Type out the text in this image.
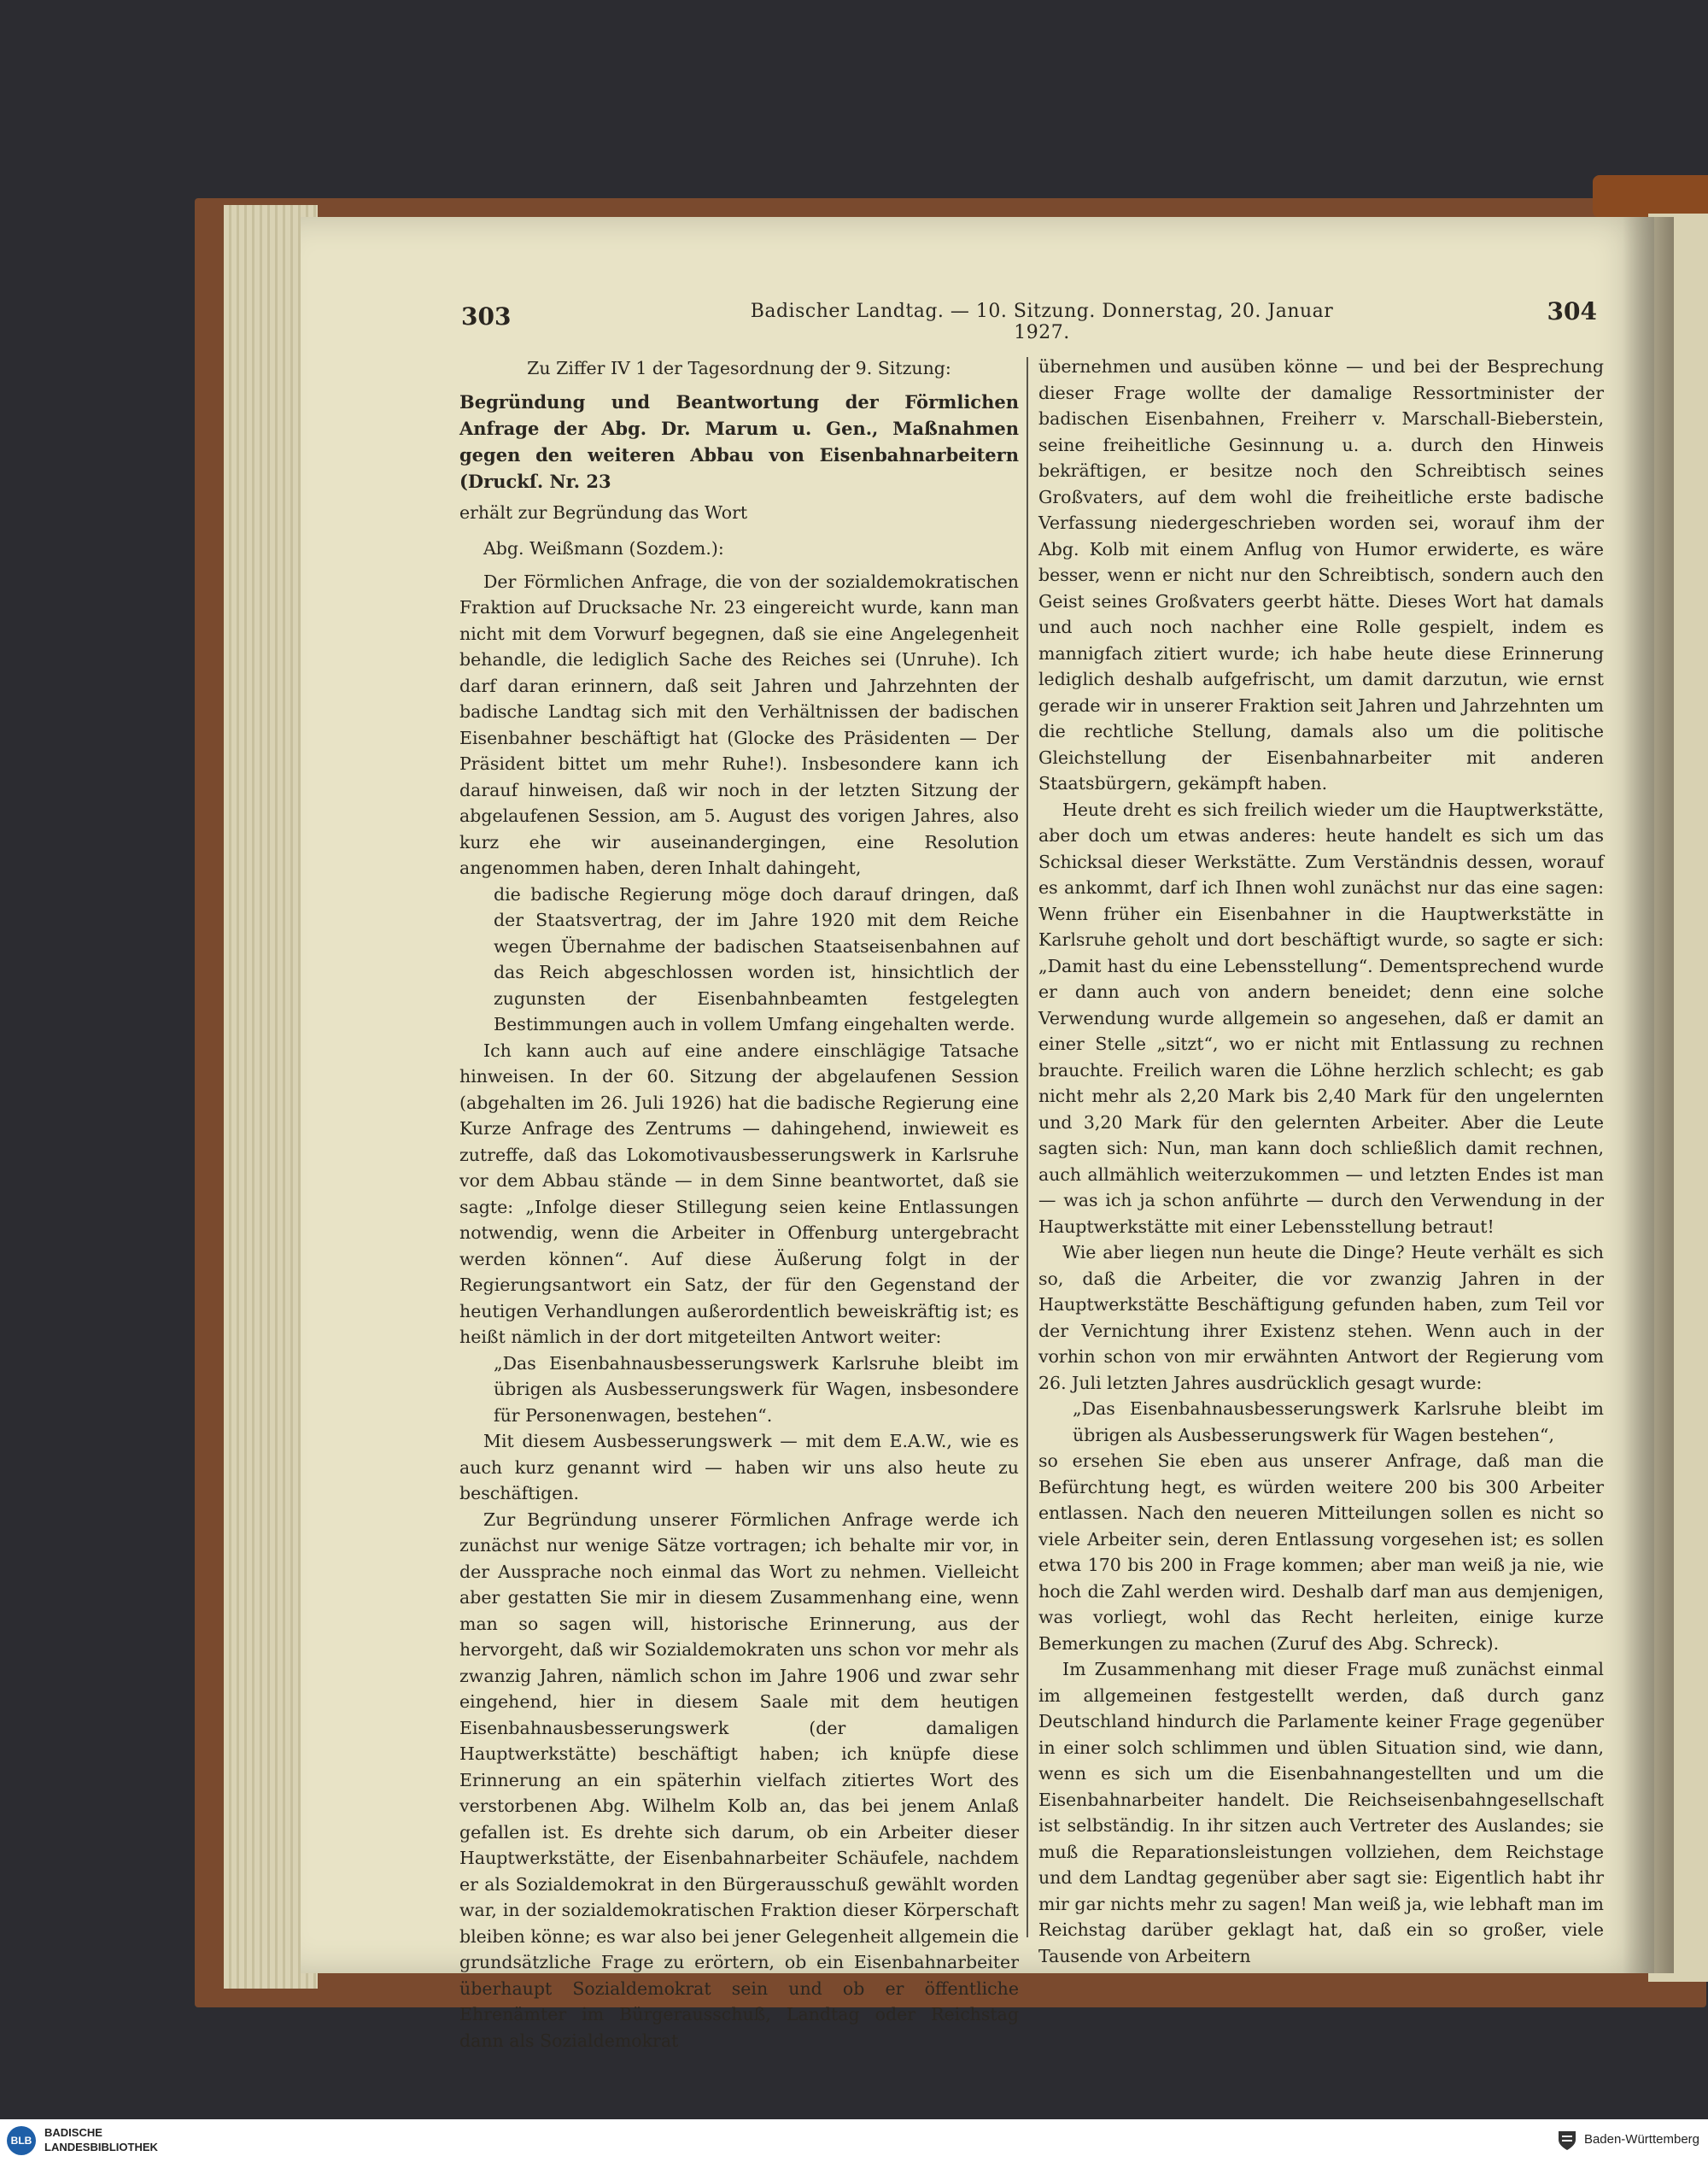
303	Badischer Landtag. — 10. Sitzung. Donnerstag, 20. Januar 1927.
304

Zu Ziffer IV 1 der Tagesordnung der 9. Sitzung:

Begründung und Beantwortung der Förmlichen Anfrage der Abg. Dr. Marum u. Gen., Maßnahmen gegen den weiteren Abbau von Eisenbahnarbeitern (Druckſ. Nr. 23

erhält zur Begründung das Wort

Abg. Weißmann (Sozdem.):

Der Förmlichen Anfrage, die von der sozialdemokratischen Fraktion auf Drucksache Nr. 23 eingereicht wurde, kann man nicht mit dem Vorwurf begegnen, daß sie eine Angelegenheit behandle, die lediglich Sache des Reiches sei (Unruhe). Ich darf daran erinnern, daß seit Jahren und Jahrzehnten der badische Landtag sich mit den Verhältnissen der badischen Eisenbahner beschäftigt hat (Glocke des Präsidenten — Der Präsident bittet um mehr Ruhe!). Insbesondere kann ich darauf hinweisen, daß wir noch in der letzten Sitzung der abgelaufenen Session, am 5. August des vorigen Jahres, also kurz ehe wir auseinandergingen, eine Resolution angenommen haben, deren Inhalt dahingeht,

die badische Regierung möge doch darauf dringen, daß der Staatsvertrag, der im Jahre 1920 mit dem Reiche wegen Übernahme der badischen Staatseisenbahnen auf das Reich abgeschlossen worden ist, hinsichtlich der zugunsten der Eisenbahnbeamten festgelegten Bestimmungen auch in vollem Umfang eingehalten werde.

Ich kann auch auf eine andere einschlägige Tatsache hinweisen. In der 60. Sitzung der abgelaufenen Session (abgehalten im 26. Juli 1926) hat die badische Regierung eine Kurze Anfrage des Zentrums — dahingehend, inwieweit es zutreffe, daß das Lokomotivausbesserungswerk in Karlsruhe vor dem Abbau stände — in dem Sinne beantwortet, daß sie sagte: „Infolge dieser Stillegung seien keine Entlassungen notwendig, wenn die Arbeiter in Offenburg untergebracht werden können“. Auf diese Äußerung folgt in der Regierungsantwort ein Satz, der für den Gegenstand der heutigen Verhandlungen außerordentlich beweiskräftig ist; es heißt nämlich in der dort mitgeteilten Antwort weiter:

„Das Eisenbahnausbesserungswerk Karlsruhe bleibt im übrigen als Ausbesserungswerk für Wagen, insbesondere für Personenwagen, bestehen“.

Mit diesem Ausbesserungswerk — mit dem E.A.W., wie es auch kurz genannt wird — haben wir uns also heute zu beschäftigen.

Zur Begründung unserer Förmlichen Anfrage werde ich zunächst nur wenige Sätze vortragen; ich behalte mir vor, in der Aussprache noch einmal das Wort zu nehmen. Vielleicht aber gestatten Sie mir in diesem Zusammenhang eine, wenn man so sagen will, historische Erinnerung, aus der hervorgeht, daß wir Sozialdemokraten uns schon vor mehr als zwanzig Jahren, nämlich schon im Jahre 1906 und zwar sehr eingehend, hier in diesem Saale mit dem heutigen Eisenbahnausbesserungswerk (der damaligen Hauptwerkstätte) beschäftigt haben; ich knüpfe diese Erinnerung an ein späterhin vielfach zitiertes Wort des verstorbenen Abg. Wilhelm Kolb an, das bei jenem Anlaß gefallen ist. Es drehte sich darum, ob ein Arbeiter dieser Hauptwerkstätte, der Eisenbahnarbeiter Schäufele, nachdem er als Sozialdemokrat in den Bürgerausschuß gewählt worden war, in der sozialdemokratischen Fraktion dieser Körperschaft bleiben könne; es war also bei jener Gelegenheit allgemein die grundsätzliche Frage zu erörtern, ob ein Eisenbahnarbeiter überhaupt Sozialdemokrat sein und ob er öffentliche Ehrenämter im Bürgerausschuß, Landtag oder Reichstag dann als Sozialdemokrat

übernehmen und ausüben könne — und bei der Besprechung dieser Frage wollte der damalige Ressortminister der badischen Eisenbahnen, Freiherr v. Marschall-Bieberstein, seine freiheitliche Gesinnung u. a. durch den Hinweis bekräftigen, er besitze noch den Schreibtisch seines Großvaters, auf dem wohl die freiheitliche erste badische Verfassung niedergeschrieben worden sei, worauf ihm der Abg. Kolb mit einem Anflug von Humor erwiderte, es wäre besser, wenn er nicht nur den Schreibtisch, sondern auch den Geist seines Großvaters geerbt hätte. Dieses Wort hat damals und auch noch nachher eine Rolle gespielt, indem es mannigfach zitiert wurde; ich habe heute diese Erinnerung lediglich deshalb aufgefrischt, um damit darzutun, wie ernst gerade wir in unserer Fraktion seit Jahren und Jahrzehnten um die rechtliche Stellung, damals also um die politische Gleichstellung der Eisenbahnarbeiter mit anderen Staatsbürgern, gekämpft haben.

Heute dreht es sich freilich wieder um die Hauptwerkstätte, aber doch um etwas anderes: heute handelt es sich um das Schicksal dieser Werkstätte. Zum Verständnis dessen, worauf es ankommt, darf ich Ihnen wohl zunächst nur das eine sagen: Wenn früher ein Eisenbahner in die Hauptwerkstätte in Karlsruhe geholt und dort beschäftigt wurde, so sagte er sich: „Damit hast du eine Lebensstellung“. Dementsprechend wurde er dann auch von andern beneidet; denn eine solche Verwendung wurde allgemein so angesehen, daß er damit an einer Stelle „sitzt“, wo er nicht mit Entlassung zu rechnen brauchte. Freilich waren die Löhne herzlich schlecht; es gab nicht mehr als 2,20 Mark bis 2,40 Mark für den ungelernten und 3,20 Mark für den gelernten Arbeiter. Aber die Leute sagten sich: Nun, man kann doch schließlich damit rechnen, auch allmählich weiterzukommen — und letzten Endes ist man — was ich ja schon anführte — durch den Verwendung in der Hauptwerkstätte mit einer Lebensstellung betraut!

Wie aber liegen nun heute die Dinge? Heute verhält es sich so, daß die Arbeiter, die vor zwanzig Jahren in der Hauptwerkstätte Beschäftigung gefunden haben, zum Teil vor der Vernichtung ihrer Existenz stehen. Wenn auch in der vorhin schon von mir erwähnten Antwort der Regierung vom 26. Juli letzten Jahres ausdrücklich gesagt wurde:

„Das Eisenbahnausbesserungswerk Karlsruhe bleibt im übrigen als Ausbesserungswerk für Wagen bestehen“,

so ersehen Sie eben aus unserer Anfrage, daß man die Befürchtung hegt, es würden weitere 200 bis 300 Arbeiter entlassen. Nach den neueren Mitteilungen sollen es nicht so viele Arbeiter sein, deren Entlassung vorgesehen ist; es sollen etwa 170 bis 200 in Frage kommen; aber man weiß ja nie, wie hoch die Zahl werden wird. Deshalb darf man aus demjenigen, was vorliegt, wohl das Recht herleiten, einige kurze Bemerkungen zu machen (Zuruf des Abg. Schreck).

Im Zusammenhang mit dieser Frage muß zunächst einmal im allgemeinen festgestellt werden, daß durch ganz Deutschland hindurch die Parlamente keiner Frage gegenüber in einer solch schlimmen und üblen Situation sind, wie dann, wenn es sich um die Eisenbahnangestellten und um die Eisenbahnarbeiter handelt. Die Reichseisenbahngesellschaft ist selbständig. In ihr sitzen auch Vertreter des Auslandes; sie muß die Reparationsleistungen vollziehen, dem Reichstage und dem Landtag gegenüber aber sagt sie: Eigentlich habt ihr mir gar nichts mehr zu sagen! Man weiß ja, wie lebhaft man im Reichstag darüber geklagt hat, daß ein so großer, viele Tausende von Arbeitern

BLB
BADISCHE
LANDESBIBLIOTHEK
Baden-Württemberg
